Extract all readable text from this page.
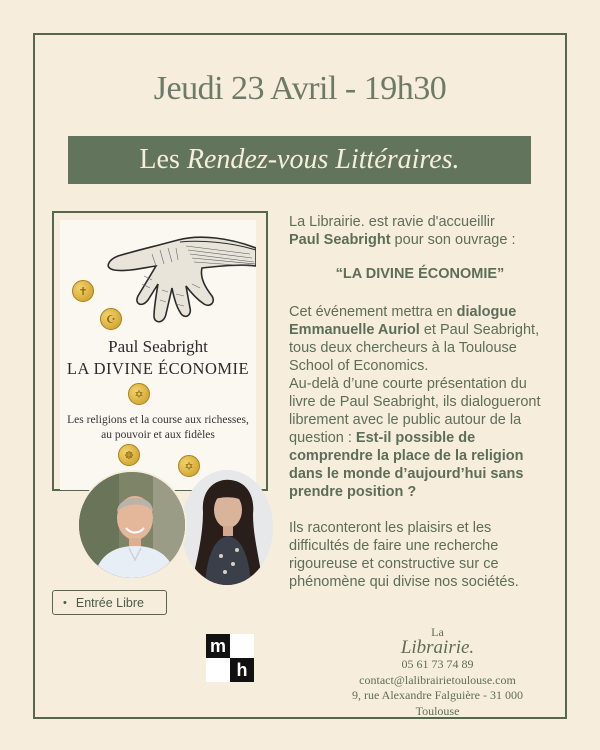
Jeudi 23 Avril - 19h30
Les Rendez-vous Littéraires.
✝
☪
✡
☸
✡
Paul Seabright
LA DIVINE ÉCONOMIE
Les religions et la course aux richesses,
au pouvoir et aux fidèles
• Entrée Libre
La Librairie. est ravie d'accueillir
Paul Seabright pour son ouvrage :
“LA DIVINE ÉCONOMIE”
Cet événement mettra en dialogue Emmanuelle Auriol et Paul Seabright, tous deux chercheurs à la Toulouse School of Economics.
Au-delà d’une courte présentation du livre de Paul Seabright, ils dialogueront librement avec le public autour de la question : Est-il possible de comprendre la place de la religion dans le monde d’aujourd’hui sans prendre position ?
Ils raconteront les plaisirs et les difficultés de faire une recherche rigoureuse et constructive sur ce phénomène qui divise nos sociétés.
m
h
La
Librairie.
05 61 73 74 89
contact@lalibrairietoulouse.com
9, rue Alexandre Falguière - 31 000 Toulouse
